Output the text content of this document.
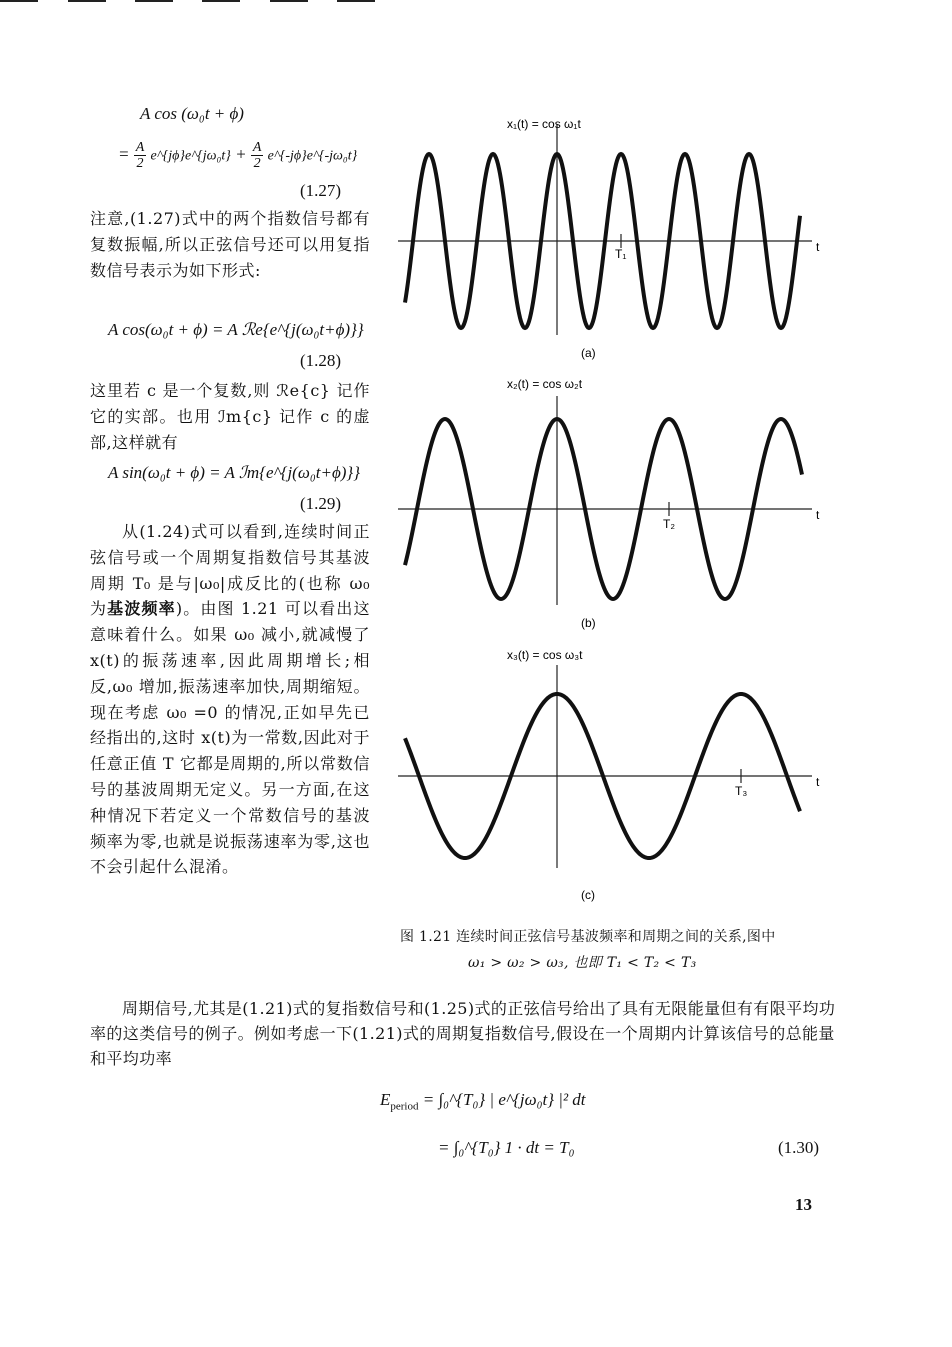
A cos (ω₀t + ϕ)
= $\frac{A}{2}$ e^{jϕ}e^{jω₀t} + $\frac{A}{2}$ e^{-jϕ}e^{-jω₀t}
(1.27)
注意,(1.27)式中的两个指数信号都有复数振幅,所以正弦信号还可以用复指数信号表示为如下形式:
A cos(ω₀t + ϕ) = A ℛe{e^{j(ω₀t+ϕ)}}
(1.28)
这里若 c 是一个复数,则 ℛe{c} 记作它的实部。也用 ℐm{c} 记作 c 的虚部,这样就有
A sin(ω₀t + ϕ) = A ℐm{e^{j(ω₀t+ϕ)}}
(1.29)
从(1.24)式可以看到,连续时间正弦信号或一个周期复指数信号其基波周期 T₀ 是与|ω₀|成反比的(也称 ω₀ 为基波频率)。由图 1.21 可以看出这意味着什么。如果 ω₀ 减小,就减慢了x(t)的振荡速率,因此周期增长;相反,ω₀ 增加,振荡速率加快,周期缩短。现在考虑 ω₀ =0 的情况,正如早先已经指出的,这时 x(t)为一常数,因此对于任意正值 T 它都是周期的,所以常数信号的基波周期无定义。另一方面,在这种情况下若定义一个常数信号的基波频率为零,也就是说振荡速率为零,这也不会引起什么混淆。
周期信号,尤其是(1.21)式的复指数信号和(1.25)式的正弦信号给出了具有无限能量但有有限平均功率的这类信号的例子。例如考虑一下(1.21)式的周期复指数信号,假设在一个周期内计算该信号的总能量和平均功率
$E_{period}$ = ∫₀^{T₀} | e^{jω₀t} |² dt
= ∫₀^{T₀} 1 · dt = T₀	(1.30)
x₁(t) = cos ω₁t
T₁	t
(a)
x₂(t) = cos ω₂t
T₂
t
(b)
x₃(t) = cos ω₃t
T₃
t
(c)
图 1.21 连续时间正弦信号基波频率和周期之间的关系,图中
ω₁ > ω₂ > ω₃, 也即 T₁ < T₂ < T₃
13
